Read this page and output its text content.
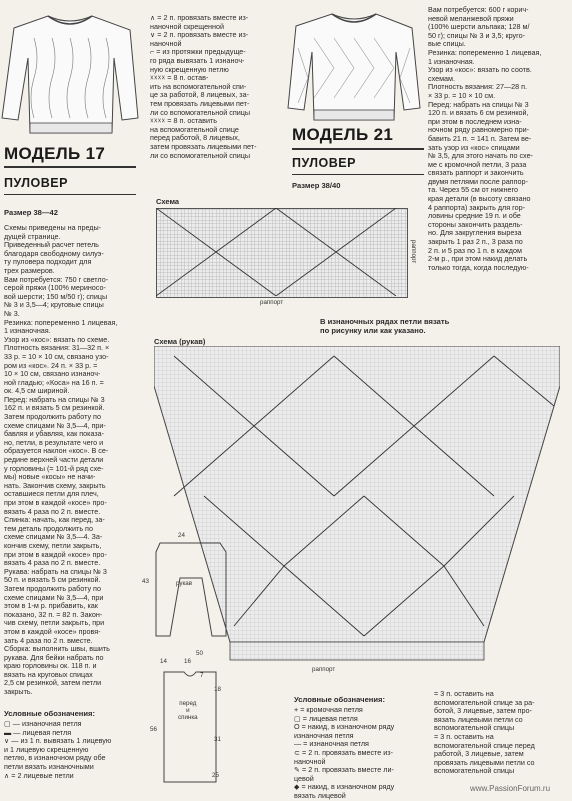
МОДЕЛЬ 17
ПУЛОВЕР
Размер 38—42
Схемы приведены на преды-
дущей странице.
Приведенный расчет петель
благодаря свободному силуэ-
ту пуловера подходит для
трех размеров.
Вам потребуется: 750 г светло-
серой пряжи (100% мериносо-
вой шерсти; 150 м/50 г); спицы
№ 3 и 3,5—4; круговые спицы
№ 3.
Резинка: попеременно 1 лицевая,
1 изнаночная.
Узор из «кос»: вязать по схеме.
Плотность вязания: 31—32 п. ×
33 р. = 10 × 10 см, связано узо-
ром из «кос». 24 п. × 33 р. =
10 × 10 см, связано изнаноч-
ной гладью; «Коса» на 16 п. =
ок. 4,5 см шириной.
Перед: набрать на спицы № 3
162 п. и вязать 5 см резинкой.
Затем продолжить работу по
схеме спицами № 3,5—4, при-
бавляя и убавляя, как показа-
но, петли, в результате чего и
образуется наклон «кос». В се-
редине верхней части детали
у горловины (= 101-й ряд схе-
мы) новые «косы» не начи-
нать. Закончив схему, закрыть
оставшиеся петли для плеч,
при этом в каждой «косе» про-
вязать 4 раза по 2 п. вместе.
Спинка: начать, как перед, за-
тем деталь продолжить по
схеме спицами № 3,5—4. За-
кончив схему, петли закрыть,
при этом в каждой «косе» про-
вязать 4 раза по 2 п. вместе.
Рукава: набрать на спицы № 3
50 п. и вязать 5 см резинкой.
Затем продолжить работу по
схеме спицами № 3,5—4, при
этом в 1-м р. прибавить, как
показано, 32 п. = 82 п. Закон-
чив схему, петли закрыть, при
этом в каждой «косе» провя-
зать 4 раза по 2 п. вместе.
Сборка: выполнить швы, вшить
рукава. Для бейки набрать по
краю горловины ок. 118 п. и
вязать на круговых спицах
2,5 см резинкой, затем петли
закрыть.
Условные обозначения:
▢ — изнаночная петля
▬ — лицевая петля
∨ — из 1 п. вывязать 1 лицевую
и 1 лицевую скрещенную
петлю, в изнаночном ряду обе
петли вязать изнаночными
∧ = 2 лицевые петли
∧ = 2 п. провязать вместе из-
наночной скрещенной
∨ = 2 п. провязать вместе из-
наночной
⌐ = из протяжки предыдуще-
го ряда вывязать 1 изнаноч-
ную скрещенную петлю
☓☓☓☓ = 8 п. остав-
ить на вспомогательной спи-
це за работой, 8 лицевых, за-
тем провязать лицевыми пет-
ли со вспомогательной спицы
☓☓☓☓ = 8 п. оставить
на вспомогательной спице
перед работой, 8 лицевых,
затем провязать лицевыми пет-
ли со вспомогательной спицы
МОДЕЛЬ 21
ПУЛОВЕР
Размер 38/40
Вам потребуется: 600 г корич-
невой меланжевой пряжи
(100% шерсти альпака; 128 м/
50 г); спицы № 3 и 3,5; круго-
вые спицы.
Резинка: попеременно 1 лицевая,
1 изнаночная.
Узор из «кос»: вязать по соотв.
схемам.
Плотность вязания: 27—28 п.
× 33 р. = 10 × 10 см.
Перед: набрать на спицы № 3
120 п. и вязать 6 см резинкой,
при этом в последнем изна-
ночном ряду равномерно при-
бавить 21 п. = 141 п. Затем ве-
зать узор из «кос» спицами
№ 3,5, для этого начать по схе-
ме с кромочной петли, 3 раза
связать раппорт и закончить
двумя петлями после раппор-
та. Через 55 см от нижнего
края детали (в высоту связано
4 раппорта) закрыть для гор-
ловины средние 19 п. и обе
стороны закончить раздель-
но. Для закругления выреза
закрыть 1 раз 2 п., 3 раза по
2 п. и 5 раз по 1 п. в каждом
2-м р., при этом накид делать
только тогда, когда последую-
Схема
раппорт
раппорт
В изнаночных рядах петли вязать
по рисунку или как указано.
Схема (рукав)
раппорт
рукав
24
43
50
перед
и
спинка
16
14
7
18
56
31
25
Условные обозначения:
+ = кромочная петля
▢ = лицевая петля
O = накид, в изнаночном ряду
изнаночная петля
— = изнаночная петля
⊂ = 2 п. провязать вместе из-
наночной
✎ = 2 п. провязать вместе ли-
цевой
◆ = накид, в изнаночном ряду
вязать лицевой
= 3 п. оставить на
вспомогательной спице за ра-
ботой, 3 лицевые, затем про-
вязать лицевыми петли со
вспомогательной спицы
= 3 п. оставить на
вспомогательной спице перед
работой, 3 лицевые, затем
провязать лицевыми петли со
вспомогательной спицы
www.PassionForum.ru
